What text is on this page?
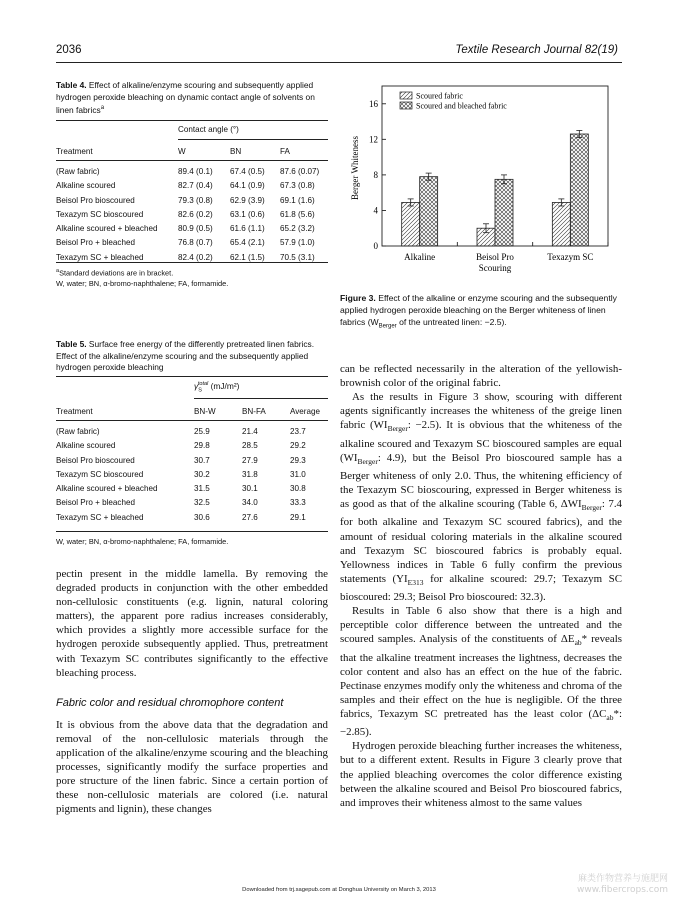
2036	Textile Research Journal 82(19)
Table 4. Effect of alkaline/enzyme scouring and subsequently applied hydrogen peroxide bleaching on dynamic contact angle of solvents on linen fabrics$^a$
Contact angle (°)
Treatment	W	BN	FA

(Raw fabric)	89.4 (0.1)	67.4 (0.5)	87.6 (0.07)
Alkaline scoured	82.7 (0.4)	64.1 (0.9)	67.3 (0.8)
Beisol Pro bioscoured	79.3 (0.8)	62.9 (3.9)	69.1 (1.6)
Texazym SC bioscoured	82.6 (0.2)	63.1 (0.6)	61.8 (5.6)
Alkaline scoured + bleached	80.9 (0.5)	61.6 (1.1)	65.2 (3.2)
Beisol Pro + bleached	76.8 (0.7)	65.4 (2.1)	57.9 (1.0)
Texazym SC + bleached	82.4 (0.2)	62.1 (1.5)	70.5 (3.1)
$^a$Standard deviations are in bracket.
W, water; BN, α-bromo-naphthalene; FA, formamide.
Table 5. Surface free energy of the differently pretreated linen fabrics. Effect of the alkaline/enzyme scouring and the subsequently applied hydrogen peroxide bleaching
$\gamma_S^{total}$ (mJ/m²)
Treatment	BN-W	BN-FA	Average

(Raw fabric)	25.9	21.4	23.7
Alkaline scoured	29.8	28.5	29.2
Beisol Pro bioscoured	30.7	27.9	29.3
Texazym SC bioscoured	30.2	31.8	31.0
Alkaline scoured + bleached	31.5	30.1	30.8
Beisol Pro + bleached	32.5	34.0	33.3
Texazym SC + bleached	30.6	27.6	29.1
W, water; BN, α-bromo-naphthalene; FA, formamide.

pectin present in the middle lamella. By removing the degraded products in conjunction with the other embedded non-cellulosic constituents (e.g. lignin, natural coloring matters), the apparent pore radius increases considerably, which provides a slightly more accessible surface for the hydrogen peroxide subsequently applied. Thus, pretreatment with Texazym SC contributes significantly to the effective bleaching process.

Fabric color and residual chromophore content

It is obvious from the above data that the degradation and removal of the non-cellulosic materials through the application of the alkaline/enzyme scouring and the bleaching processes, significantly modify the surface properties and pore structure of the linen fabric. Since a certain portion of these non-cellulosic materials are colored (i.e. natural pigments and lignin), these changes

0
4
8
12
16
Alkaline	Beisol Pro Scouring
Texazym SC
Scoured fabric
Scoured and bleached fabric
Berger Whiteness
Figure 3. Effect of the alkaline or enzyme scouring and the subsequently applied hydrogen peroxide bleaching on the Berger whiteness of linen fabrics ($W_{Berger}$ of the untreated linen: −2.5).

can be reflected necessarily in the alteration of the yellowish-brownish color of the original fabric.

As the results in Figure 3 show, scouring with different agents significantly increases the whiteness of the greige linen fabric ($WI_{Berger}$: −2.5). It is obvious that the whiteness of the alkaline scoured and Texazym SC bioscoured samples are equal ($WI_{Berger}$: 4.9), but the Beisol Pro bioscoured sample has a Berger whiteness of only 2.0. Thus, the whitening efficiency of the Texazym SC bioscouring, expressed in Berger whiteness is as good as that of the alkaline scouring (Table 6, $\Delta WI_{Berger}$: 7.4 for both alkaline and Texazym SC scoured fabrics), and the amount of residual coloring materials in the alkaline scoured and Texazym SC bioscoured fabrics is probably equal. Yellowness indices in Table 6 fully confirm the previous statements ($YI_{E313}$ for alkaline scoured: 29.7; Texazym SC bioscoured: 29.3; Beisol Pro bioscoured: 32.3).

Results in Table 6 also show that there is a high and perceptible color difference between the untreated and the scoured samples. Analysis of the constituents of $\Delta E_{ab}*$ reveals that the alkaline treatment increases the lightness, decreases the color content and also has an effect on the hue of the fabric. Pectinase enzymes modify only the whiteness and chroma of the samples and their effect on the hue is negligible. Of the three fabrics, Texazym SC pretreated has the least color ($\Delta C_{ab}*$: −2.85).

Hydrogen peroxide bleaching further increases the whiteness, but to a different extent. Results in Figure 3 clearly prove that the applied bleaching overcomes the color difference existing between the alkaline scoured and Beisol Pro bioscoured fabrics, and improves their whiteness almost to the same values

Downloaded from trj.sagepub.com at Donghua University on March 3, 2013
麻类作物营养与施肥网
www.fibercrops.com
